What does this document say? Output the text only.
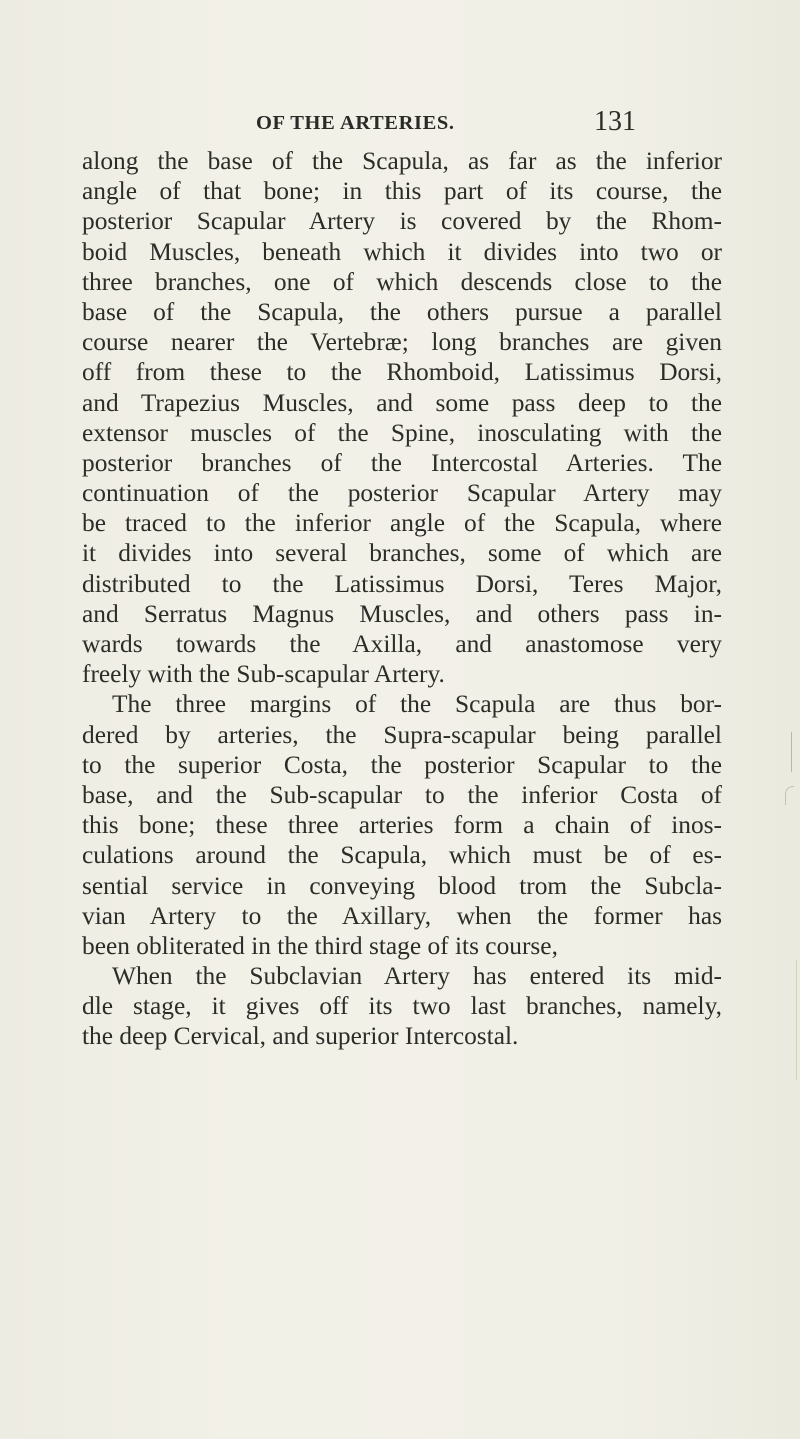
OF THE ARTERIES.	131
along the base of the Scapula, as far as the inferior
angle of that bone; in this part of its course, the
posterior Scapular Artery is covered by the Rhom-
boid Muscles, beneath which it divides into two or
three branches, one of which descends close to the
base of the Scapula, the others pursue a parallel
course nearer the Vertebræ; long branches are given
off from these to the Rhomboid, Latissimus Dorsi,
and Trapezius Muscles, and some pass deep to the
extensor muscles of the Spine, inosculating with the
posterior branches of the Intercostal Arteries. The
continuation of the posterior Scapular Artery may
be traced to the inferior angle of the Scapula, where
it divides into several branches, some of which are
distributed to the Latissimus Dorsi, Teres Major,
and Serratus Magnus Muscles, and others pass in-
wards towards the Axilla, and anastomose very
freely with the Sub-scapular Artery.
The three margins of the Scapula are thus bor-
dered by arteries, the Supra-scapular being parallel
to the superior Costa, the posterior Scapular to the
base, and the Sub-scapular to the inferior Costa of
this bone; these three arteries form a chain of inos-
culations around the Scapula, which must be of es-
sential service in conveying blood trom the Subcla-
vian Artery to the Axillary, when the former has
been obliterated in the third stage of its course,
When the Subclavian Artery has entered its mid-
dle stage, it gives off its two last branches, namely,
the deep Cervical, and superior Intercostal.
